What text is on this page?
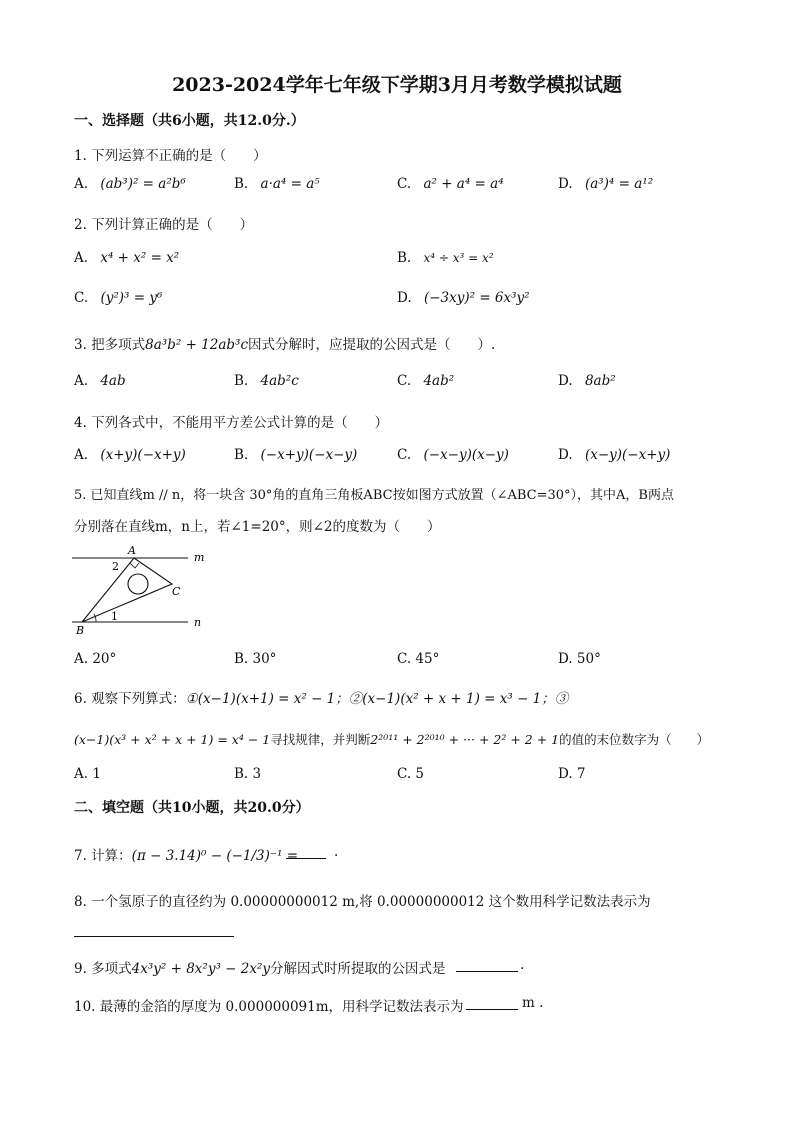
2023-2024学年七年级下学期3月月考数学模拟试题
一、选择题（共6小题，共12.0分.）
1. 下列运算不正确的是（　　）
A. (ab³)² = a²b⁶	B. a·a⁴ = a⁵	C. a² + a⁴ = a⁴	D. (a³)⁴ = a¹²
2. 下列计算正确的是（　　）
A. x⁴ + x² = x²	B. x⁴ ÷ x³ = x²
C. (y²)³ = y⁶	D. (−3xy)² = 6x³y²
3. 把多项式8a³b² + 12ab³c因式分解时，应提取的公因式是（　　）.
A. 4ab	B. 4ab²c	C. 4ab²	D. 8ab²
4. 下列各式中，不能用平方差公式计算的是（　　）
A. (x+y)(−x+y)	B. (−x+y)(−x−y)	C. (−x−y)(x−y)	D. (x−y)(−x+y)
5. 已知直线m // n，将一块含 30°角的直角三角板ABC按如图方式放置（∠ABC=30°），其中A，B两点
分别落在直线m，n上，若∠1=20°，则∠2的度数为（　　）
A
B
C
m
n
1
2
A. 20°	B. 30°	C. 45°	D. 50°
6. 观察下列算式：①(x−1)(x+1) = x² − 1；②(x−1)(x² + x + 1) = x³ − 1；③
(x−1)(x³ + x² + x + 1) = x⁴ − 1寻找规律，并判断2²⁰¹¹ + 2²⁰¹⁰ + ··· + 2² + 2 + 1的值的末位数字为（　　）
A. 1	B. 3	C. 5	D. 7
二、填空题（共10小题，共20.0分）
7. 计算：(π − 3.14)⁰ − (−1/3)⁻¹ =	.
8. 一个氢原子的直径约为 0.00000000012 m,将 0.00000000012 这个数用科学记数法表示为
9. 多项式4x³y² + 8x²y³ − 2x²y分解因式时所提取的公因式是	.
10. 最薄的金箔的厚度为 0.000000091m，用科学记数法表示为	m .
